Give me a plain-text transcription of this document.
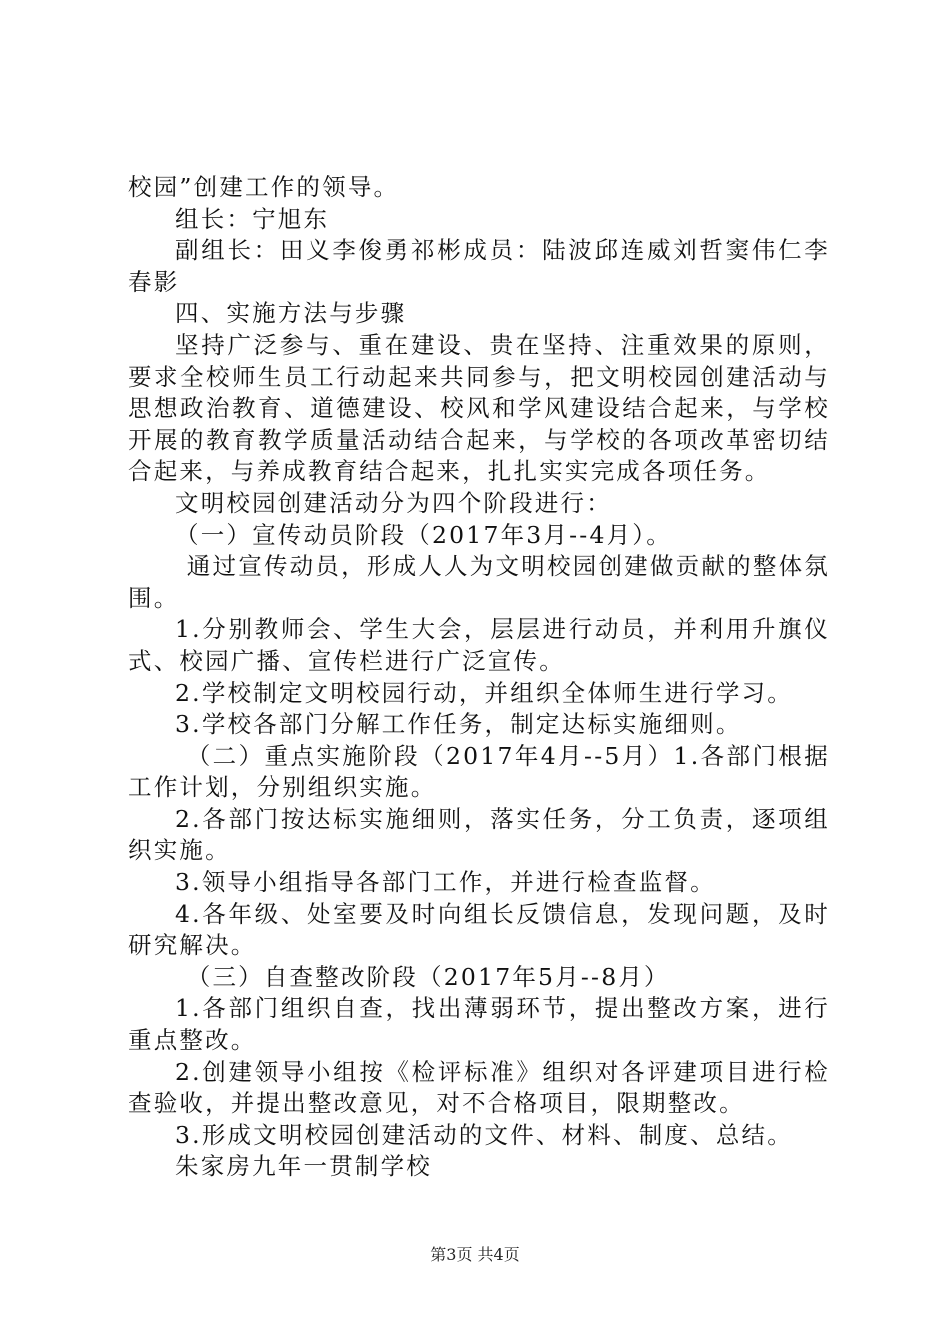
校园”创建工作的领导。

组长：宁旭东

副组长：田义李俊勇祁彬成员：陆波邱连威刘哲窦伟仁李春影

四、实施方法与步骤

坚持广泛参与、重在建设、贵在坚持、注重效果的原则，要求全校师生员工行动起来共同参与，把文明校园创建活动与思想政治教育、道德建设、校风和学风建设结合起来，与学校开展的教育教学质量活动结合起来，与学校的各项改革密切结合起来，与养成教育结合起来，扎扎实实完成各项任务。

文明校园创建活动分为四个阶段进行：

（一）宣传动员阶段（2017年3月--4月）。

通过宣传动员，形成人人为文明校园创建做贡献的整体氛围。

1.分别教师会、学生大会，层层进行动员，并利用升旗仪式、校园广播、宣传栏进行广泛宣传。

2.学校制定文明校园行动，并组织全体师生进行学习。

3.学校各部门分解工作任务，制定达标实施细则。

（二）重点实施阶段（2017年4月--5月）1.各部门根据工作计划，分别组织实施。

2.各部门按达标实施细则，落实任务，分工负责，逐项组织实施。

3.领导小组指导各部门工作，并进行检查监督。

4.各年级、处室要及时向组长反馈信息，发现问题，及时研究解决。

（三）自查整改阶段（2017年5月--8月）

1.各部门组织自查，找出薄弱环节，提出整改方案，进行重点整改。

2.创建领导小组按《检评标准》组织对各评建项目进行检查验收，并提出整改意见，对不合格项目，限期整改。

3.形成文明校园创建活动的文件、材料、制度、总结。

朱家房九年一贯制学校

第3页 共4页
